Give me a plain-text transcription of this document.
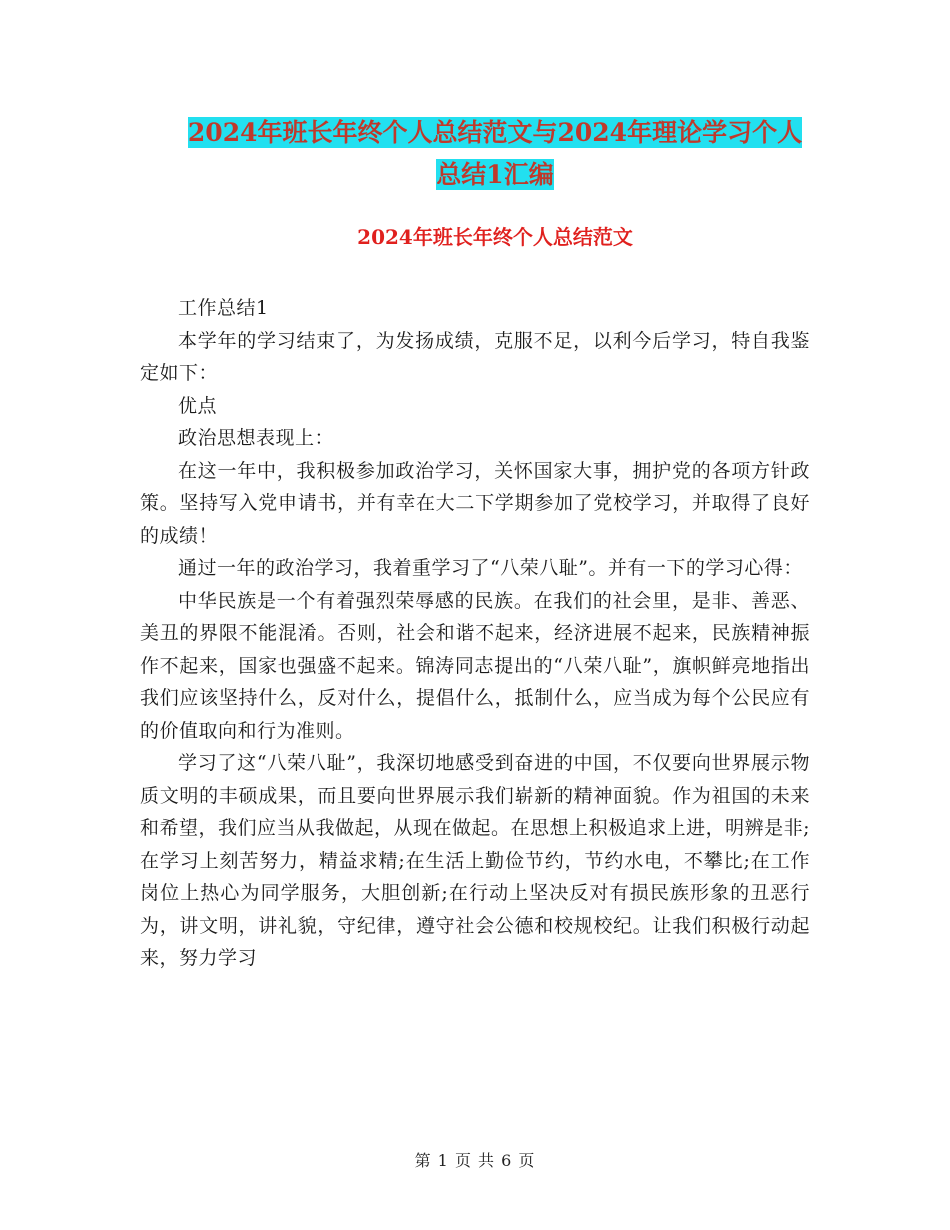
2024年班长年终个人总结范文与2024年理论学习个人
总结1汇编
2024年班长年终个人总结范文

工作总结1

本学年的学习结束了，为发扬成绩，克服不足，以利今后学习，特自我鉴定如下：

优点

政治思想表现上：

在这一年中，我积极参加政治学习，关怀国家大事，拥护党的各项方针政策。坚持写入党申请书，并有幸在大二下学期参加了党校学习，并取得了良好的成绩！

通过一年的政治学习，我着重学习了“八荣八耻”。并有一下的学习心得：

中华民族是一个有着强烈荣辱感的民族。在我们的社会里，是非、善恶、美丑的界限不能混淆。否则，社会和谐不起来，经济进展不起来，民族精神振作不起来，国家也强盛不起来。锦涛同志提出的“八荣八耻”，旗帜鲜亮地指出我们应该坚持什么，反对什么，提倡什么，抵制什么，应当成为每个公民应有的价值取向和行为准则。

学习了这“八荣八耻”，我深切地感受到奋进的中国，不仅要向世界展示物质文明的丰硕成果，而且要向世界展示我们崭新的精神面貌。作为祖国的未来和希望，我们应当从我做起，从现在做起。在思想上积极追求上进，明辨是非;在学习上刻苦努力，精益求精;在生活上勤俭节约，节约水电，不攀比;在工作岗位上热心为同学服务，大胆创新;在行动上坚决反对有损民族形象的丑恶行为，讲文明，讲礼貌，守纪律，遵守社会公德和校规校纪。让我们积极行动起来，努力学习

第 1 页 共 6 页
